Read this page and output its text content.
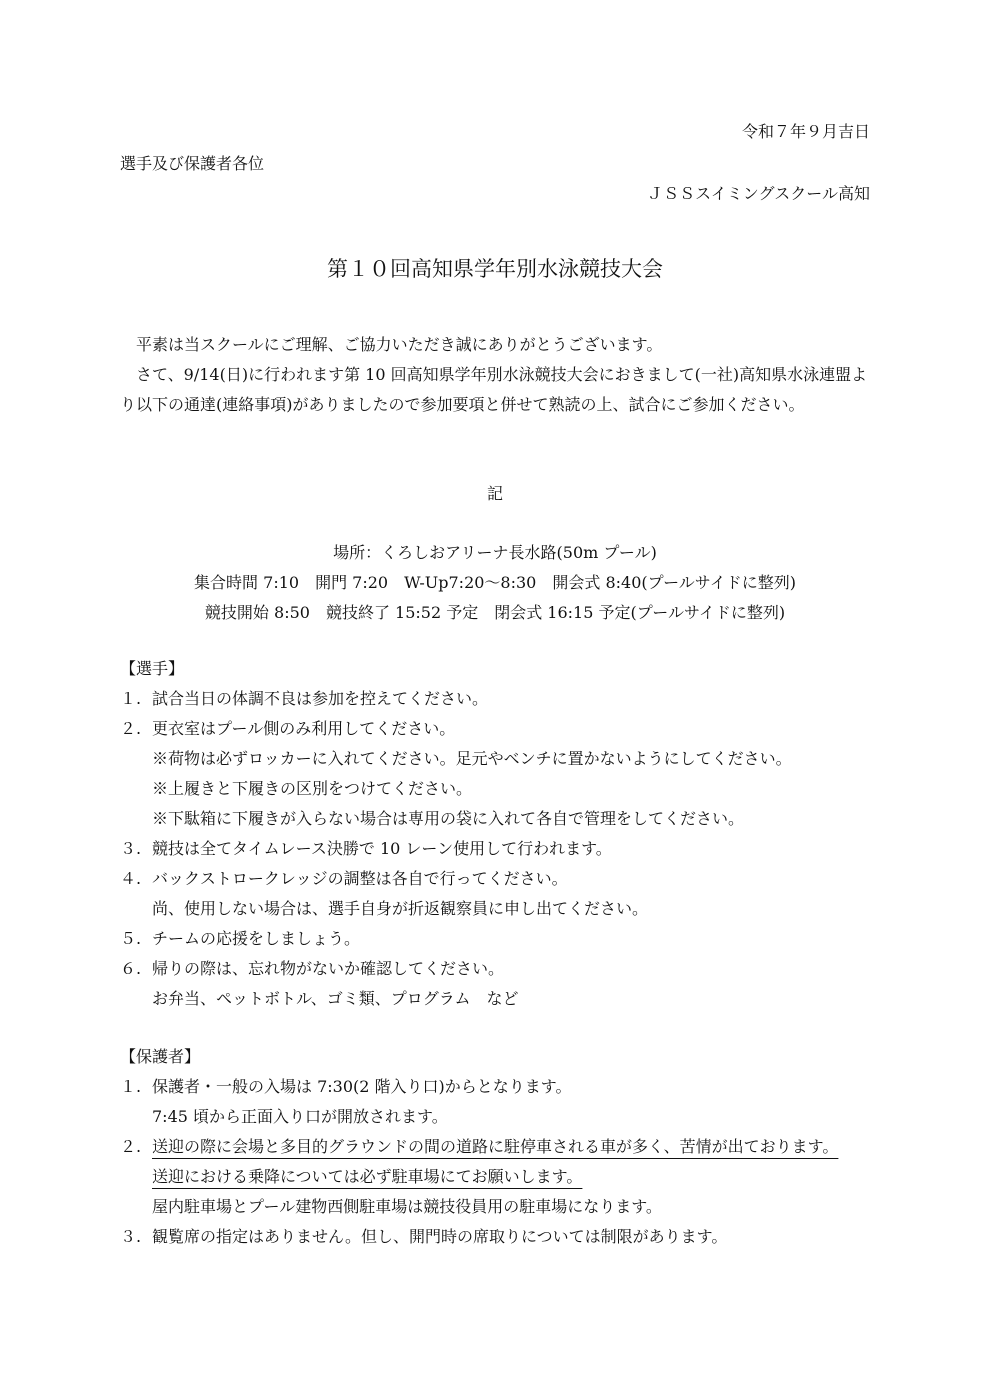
令和７年９月吉日
選手及び保護者各位
ＪＳＳスイミングスクール高知
第１０回高知県学年別水泳競技大会

平素は当スクールにご理解、ご協力いただき誠にありがとうございます。

さて、9/14(日)に行われます第 10 回高知県学年別水泳競技大会におきまして(一社)高知県水泳連盟より以下の通達(連絡事項)がありましたので参加要項と併せて熟読の上、試合にご参加ください。

記
場所：くろしおアリーナ長水路(50m プール)
集合時間 7:10　開門 7:20　W-Up7:20～8:30　開会式 8:40(プールサイドに整列)
競技開始 8:50　競技終了 15:52 予定　閉会式 16:15 予定(プールサイドに整列)
【選手】
１. 試合当日の体調不良は参加を控えてください。
２. 更衣室はプール側のみ利用してください。
※荷物は必ずロッカーに入れてください。足元やベンチに置かないようにしてください。
※上履きと下履きの区別をつけてください。
※下駄箱に下履きが入らない場合は専用の袋に入れて各自で管理をしてください。
３. 競技は全てタイムレース決勝で 10 レーン使用して行われます。
４. バックストロークレッジの調整は各自で行ってください。
尚、使用しない場合は、選手自身が折返観察員に申し出てください。
５. チームの応援をしましょう。
６. 帰りの際は、忘れ物がないか確認してください。
お弁当、ペットボトル、ゴミ類、プログラム　など
【保護者】
１. 保護者・一般の入場は 7:30(2 階入り口)からとなります。
7:45 頃から正面入り口が開放されます。
２. 送迎の際に会場と多目的グラウンドの間の道路に駐停車される車が多く、苦情が出ております。送迎における乗降については必ず駐車場にてお願いします。
屋内駐車場とプール建物西側駐車場は競技役員用の駐車場になります。
３. 観覧席の指定はありません。但し、開門時の席取りについては制限があります。
